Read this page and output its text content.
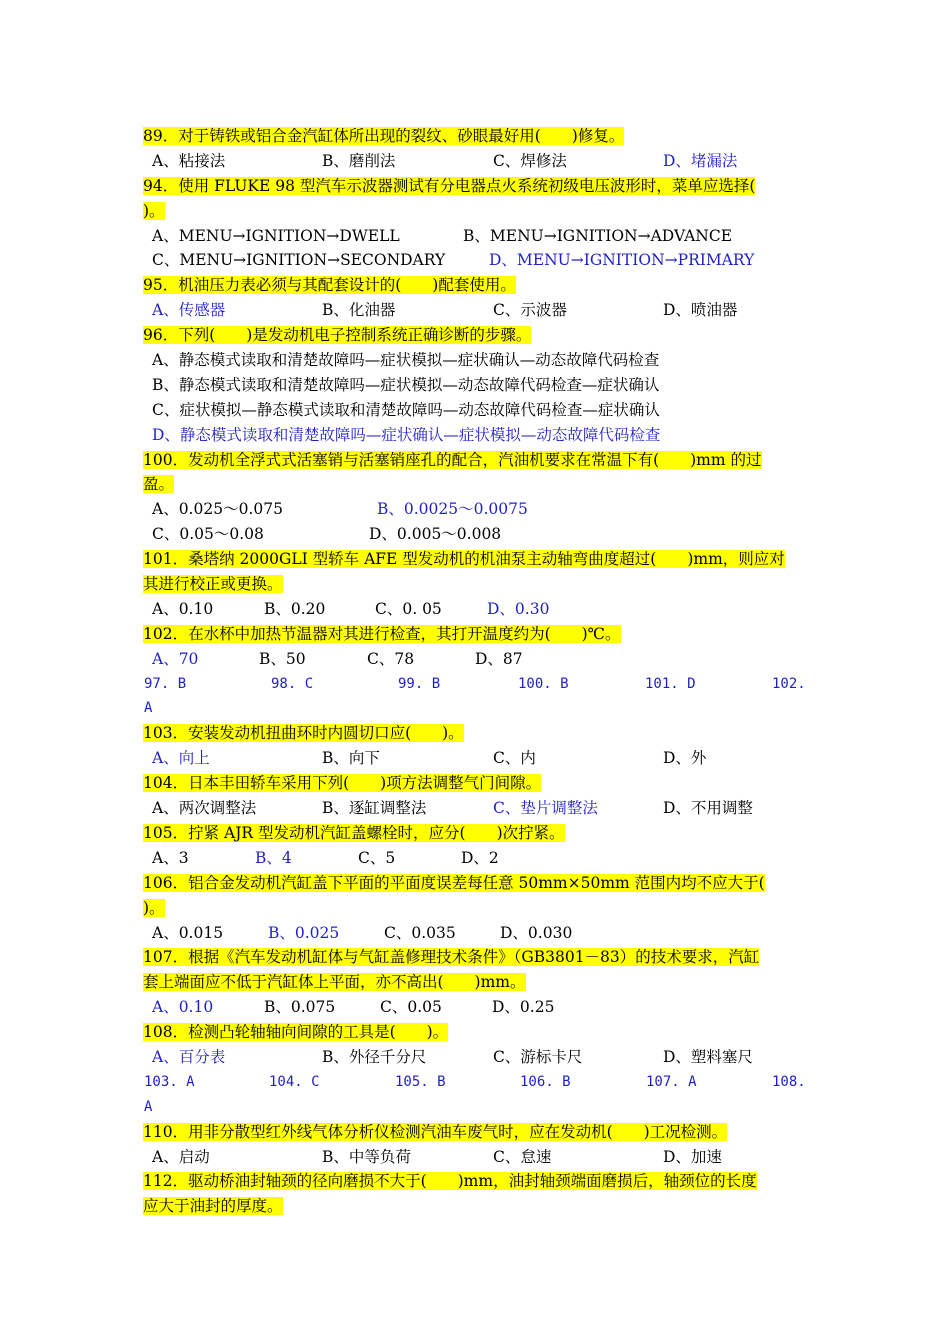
89．对于铸铁或铝合金汽缸体所出现的裂纹、砂眼最好用(　　)修复。
A、粘接法	B、磨削法	C、焊修法	D、堵漏法
94．使用 FLUKE 98 型汽车示波器测试有分电器点火系统初级电压波形时，菜单应选择(
)。
A、MENU→IGNITION→DWELL	B、MENU→IGNITION→ADVANCE
C、MENU→IGNITION→SECONDARY	D、MENU→IGNITION→PRIMARY
95．机油压力表必须与其配套设计的(　　)配套使用。
A、传感器	B、化油器	C、示波器	D、喷油器
96．下列(　　)是发动机电子控制系统正确诊断的步骤。
A、静态模式读取和清楚故障吗—症状模拟—症状确认—动态故障代码检查
B、静态模式读取和清楚故障吗—症状模拟—动态故障代码检查—症状确认
C、症状模拟—静态模式读取和清楚故障吗—动态故障代码检查—症状确认
D、静态模式读取和清楚故障吗—症状确认—症状模拟—动态故障代码检查
100．发动机全浮式式活塞销与活塞销座孔的配合，汽油机要求在常温下有(　　)mm 的过
盈。
A、0.025～0.075	B、0.0025～0.0075
C、0.05～0.08	D、0.005～0.008
101．桑塔纳 2000GLI 型轿车 AFE 型发动机的机油泵主动轴弯曲度超过(　　)mm，则应对
其进行校正或更换。
A、0.10	B、0.20	C、0. 05	D、0.30
102．在水杯中加热节温器对其进行检查，其打开温度约为(　　)℃。
A、70	B、50	C、78	D、87
97. B	98. C	99. B	100. B	101. D	102.
A
103．安装发动机扭曲环时内圆切口应(　　)。
A、向上	B、向下	C、内	D、外
104．日本丰田轿车采用下列(　　)项方法调整气门间隙。
A、两次调整法	B、逐缸调整法	C、垫片调整法	D、不用调整
105．拧紧 AJR 型发动机汽缸盖螺栓时，应分(　　)次拧紧。
A、3	B、4	C、5	D、2
106．铝合金发动机汽缸盖下平面的平面度误差每任意 50mm×50mm 范围内均不应大于(
)。
A、0.015	B、0.025	C、0.035	D、0.030
107．根据《汽车发动机缸体与气缸盖修理技术条件》（GB3801－83）的技术要求，汽缸
套上端面应不低于汽缸体上平面，亦不高出(　　)mm。
A、0.10	B、0.075	C、0.05	D、0.25
108．检测凸轮轴轴向间隙的工具是(　　)。
A、百分表	B、外径千分尺	C、游标卡尺	D、塑料塞尺
103. A	104. C	105. B	106. B	107. A	108.
A
110．用非分散型红外线气体分析仪检测汽油车废气时，应在发动机(　　)工况检测。
A、启动	B、中等负荷	C、怠速	D、加速
112．驱动桥油封轴颈的径向磨损不大于(　　)mm，油封轴颈端面磨损后，轴颈位的长度
应大于油封的厚度。
